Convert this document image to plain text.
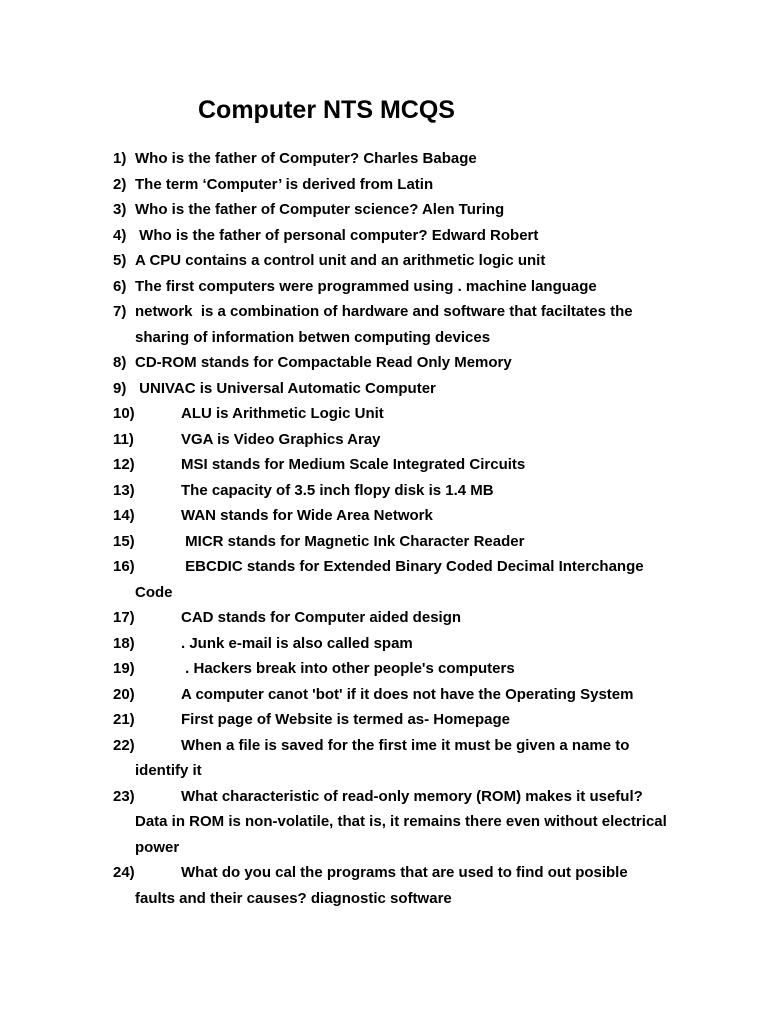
Computer NTS MCQS
1) Who is the father of Computer? Charles Babage
2) The term ‘Computer’ is derived from Latin
3) Who is the father of Computer science? Alen Turing
4) Who is the father of personal computer? Edward Robert
5) A CPU contains a control unit and an arithmetic logic unit
6) The first computers were programmed using . machine language
7) network  is a combination of hardware and software that faciltates the sharing of information betwen computing devices
8) CD-ROM stands for Compactable Read Only Memory
9) UNIVAC is Universal Automatic Computer
10)	ALU is Arithmetic Logic Unit
11)	VGA is Video Graphics Aray
12)	MSI stands for Medium Scale Integrated Circuits
13)	The capacity of 3.5 inch flopy disk is 1.4 MB
14)	WAN stands for Wide Area Network
15)	MICR stands for Magnetic Ink Character Reader
16)	EBCDIC stands for Extended Binary Coded Decimal Interchange Code
17)	CAD stands for Computer aided design
18)	. Junk e-mail is also called spam
19)	. Hackers break into other people's computers
20)	A computer canot 'bot' if it does not have the Operating System
21)	First page of Website is termed as- Homepage
22)	When a file is saved for the first ime it must be given a name to identify it
23)	What characteristic of read-only memory (ROM) makes it useful? Data in ROM is non-volatile, that is, it remains there even without electrical power
24)	What do you cal the programs that are used to find out posible faults and their causes? diagnostic software
